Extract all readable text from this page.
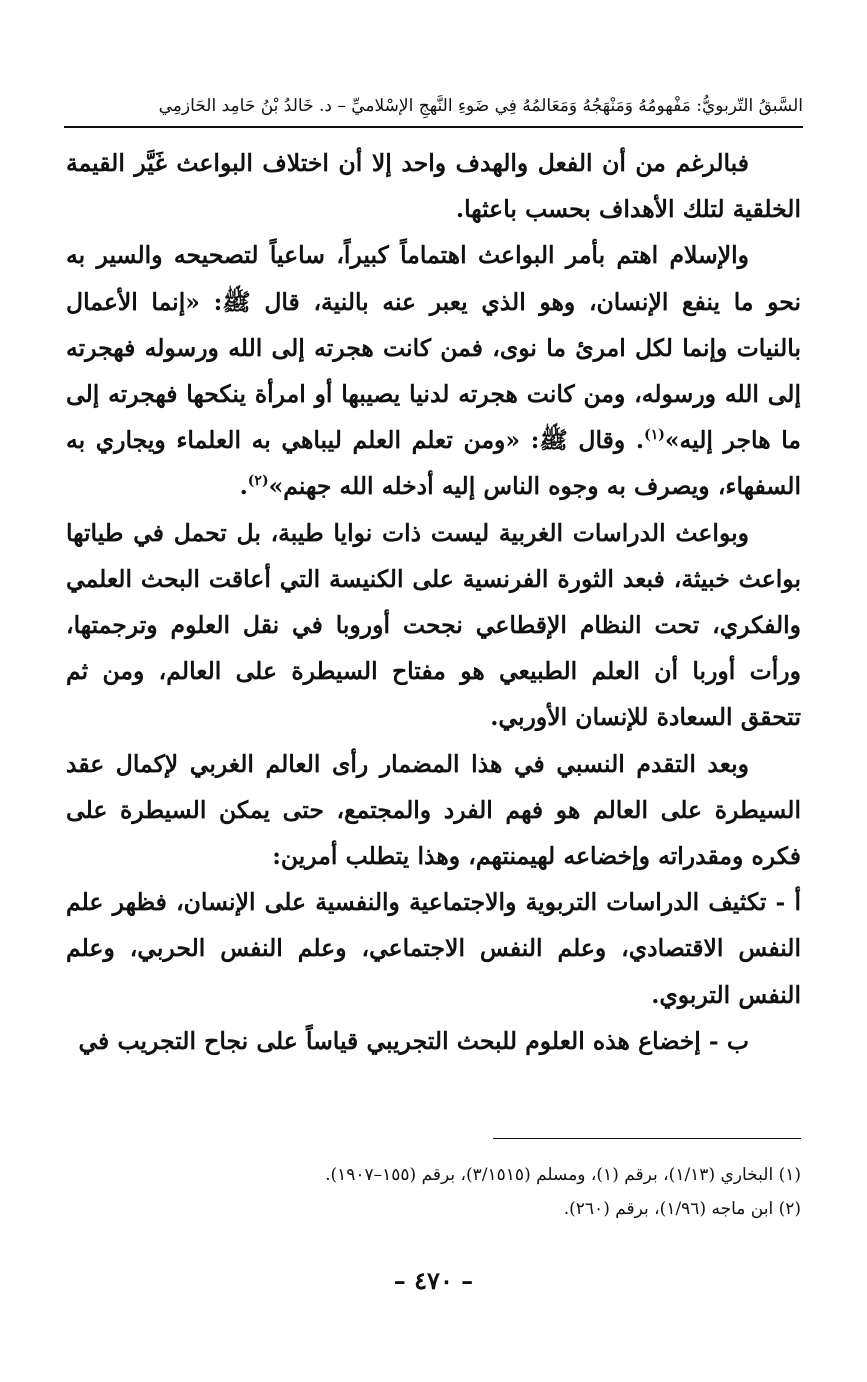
السَّبقُ التّربويُّ: مَفْهومُهُ وَمَنْهَجُهُ وَمَعَالمُهُ فِي ضَوءِ النَّهجِ الإسْلاميِّ – د. خَالدُ بْنُ حَامِد الحَازمِي

فبالرغم من أن الفعل والهدف واحد إلا أن اختلاف البواعث غَيَّر القيمة الخلقية لتلك الأهداف بحسب باعثها.

والإسلام اهتم بأمر البواعث اهتماماً كبيراً، ساعياً لتصحيحه والسير به نحو ما ينفع الإنسان، وهو الذي يعبر عنه بالنية، قال ﷺ: «إنما الأعمال بالنيات وإنما لكل امرئ ما نوى، فمن كانت هجرته إلى الله ورسوله فهجرته إلى الله ورسوله، ومن كانت هجرته لدنيا يصيبها أو امرأة ينكحها فهجرته إلى ما هاجر إليه»$^{(١)}$. وقال ﷺ: «ومن تعلم العلم ليباهي به العلماء ويجاري به السفهاء، ويصرف به وجوه الناس إليه أدخله الله جهنم»$^{(٢)}$.

وبواعث الدراسات الغربية ليست ذات نوايا طيبة، بل تحمل في طياتها بواعث خبيثة، فبعد الثورة الفرنسية على الكنيسة التي أعاقت البحث العلمي والفكري، تحت النظام الإقطاعي نجحت أوروبا في نقل العلوم وترجمتها، ورأت أوربا أن العلم الطبيعي هو مفتاح السيطرة على العالم، ومن ثم تتحقق السعادة للإنسان الأوربي.

وبعد التقدم النسبي في هذا المضمار رأى العالم الغربي لإكمال عقد السيطرة على العالم هو فهم الفرد والمجتمع، حتى يمكن السيطرة على فكره ومقدراته وإخضاعه لهيمنتهم، وهذا يتطلب أمرين:

أ - تكثيف الدراسات التربوية والاجتماعية والنفسية على الإنسان، فظهر علم النفس الاقتصادي، وعلم النفس الاجتماعي، وعلم النفس الحربي، وعلم النفس التربوي.

ب - إخضاع هذه العلوم للبحث التجريبي قياساً على نجاح التجريب في

(١) البخاري (١/١٣)، برقم (١)، ومسلم (٣/١٥١٥)، برقم (١٥٥–١٩٠٧).
(٢) ابن ماجه (١/٩٦)، برقم (٢٦٠).
– ٤٧٠ –
